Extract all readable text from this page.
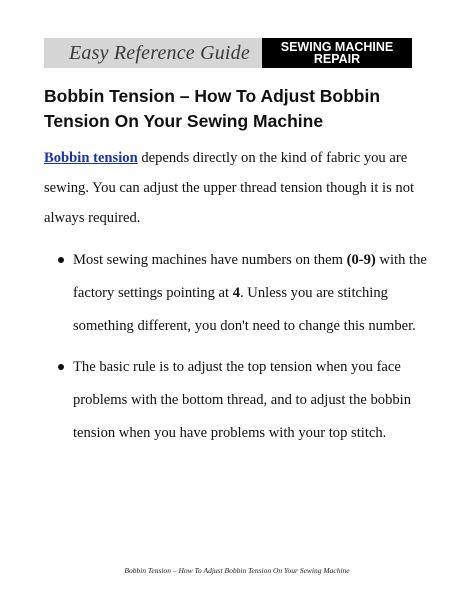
Easy Reference Guide SEWING MACHINE
REPAIR
Bobbin Tension – How To Adjust Bobbin Tension On Your Sewing Machine

Bobbin tension depends directly on the kind of fabric you are sewing. You can adjust the upper thread tension though it is not always required.

Most sewing machines have numbers on them (0-9) with the factory settings pointing at 4. Unless you are stitching something different, you don't need to change this number.
The basic rule is to adjust the top tension when you face problems with the bottom thread, and to adjust the bobbin tension when you have problems with your top stitch.
Bobbin Tension – How To Adjust Bobbin Tension On Your Sewing Machine
